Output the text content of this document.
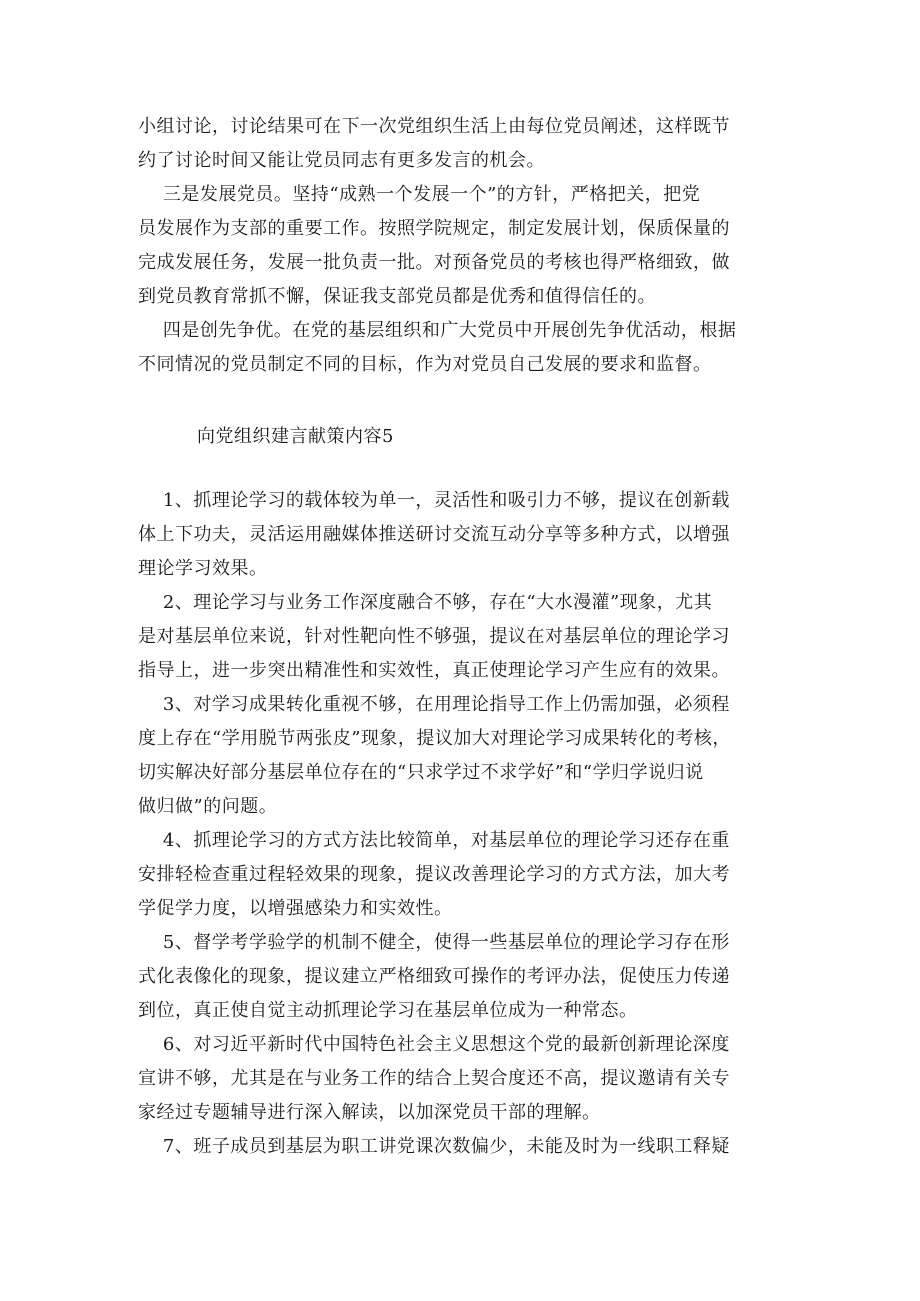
小组讨论，讨论结果可在下一次党组织生活上由每位党员阐述，这样既节
约了讨论时间又能让党员同志有更多发言的机会。
三是发展党员。坚持“成熟一个发展一个”的方针，严格把关，把党
员发展作为支部的重要工作。按照学院规定，制定发展计划，保质保量的
完成发展任务，发展一批负责一批。对预备党员的考核也得严格细致，做
到党员教育常抓不懈，保证我支部党员都是优秀和值得信任的。
四是创先争优。在党的基层组织和广大党员中开展创先争优活动，根据
不同情况的党员制定不同的目标，作为对党员自己发展的要求和监督。
向党组织建言献策内容5
1、抓理论学习的载体较为单一，灵活性和吸引力不够，提议在创新载
体上下功夫，灵活运用融媒体推送研讨交流互动分享等多种方式，以增强
理论学习效果。
2、理论学习与业务工作深度融合不够，存在“大水漫灌”现象，尤其
是对基层单位来说，针对性靶向性不够强，提议在对基层单位的理论学习
指导上，进一步突出精准性和实效性，真正使理论学习产生应有的效果。
3、对学习成果转化重视不够，在用理论指导工作上仍需加强，必须程
度上存在“学用脱节两张皮”现象，提议加大对理论学习成果转化的考核，
切实解决好部分基层单位存在的“只求学过不求学好”和“学归学说归说
做归做”的问题。
4、抓理论学习的方式方法比较简单，对基层单位的理论学习还存在重
安排轻检查重过程轻效果的现象，提议改善理论学习的方式方法，加大考
学促学力度，以增强感染力和实效性。
5、督学考学验学的机制不健全，使得一些基层单位的理论学习存在形
式化表像化的现象，提议建立严格细致可操作的考评办法，促使压力传递
到位，真正使自觉主动抓理论学习在基层单位成为一种常态。
6、对习近平新时代中国特色社会主义思想这个党的最新创新理论深度
宣讲不够，尤其是在与业务工作的结合上契合度还不高，提议邀请有关专
家经过专题辅导进行深入解读，以加深党员干部的理解。
7、班子成员到基层为职工讲党课次数偏少，未能及时为一线职工释疑
